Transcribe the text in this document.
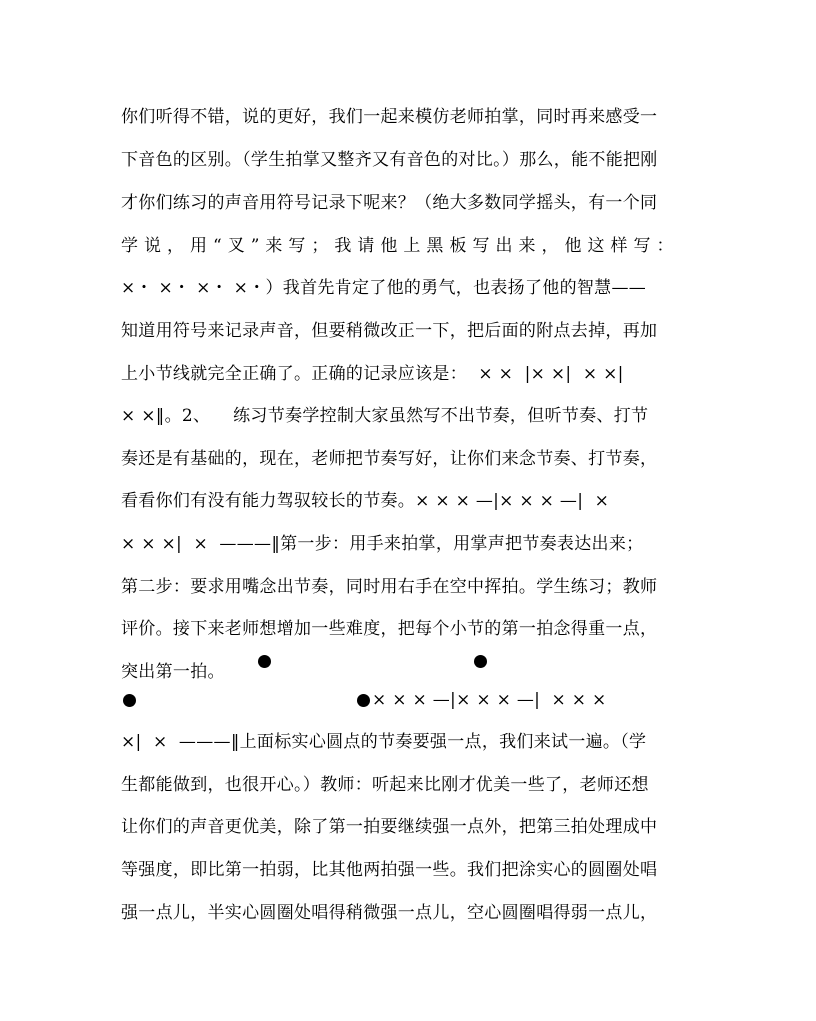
你们听得不错，说的更好，我们一起来模仿老师拍掌，同时再来感受一
下音色的区别。（学生拍掌又整齐又有音色的对比。）那么，能不能把刚
才你们练习的声音用符号记录下呢来？（绝大多数同学摇头，有一个同
学 说 ， 用 “ 叉 ” 来 写 ； 我 请 他 上 黑 板 写 出 来 ， 他 这 样 写 ：
×・ ×・ ×・ ×・）我首先肯定了他的勇气，也表扬了他的智慧——
知道用符号来记录声音，但要稍微改正一下，把后面的附点去掉，再加
上小节线就完全正确了。正确的记录应该是：  × ×  |× ×|  × ×|
× ×‖。2、    练习节奏学控制大家虽然写不出节奏，但听节奏、打节
奏还是有基础的，现在，老师把节奏写好，让你们来念节奏、打节奏，
看看你们有没有能力驾驭较长的节奏。× × × —|× × × —|  ×
× × ×|  ×  ———‖第一步：用手来拍掌，用掌声把节奏表达出来；
第二步：要求用嘴念出节奏，同时用右手在空中挥拍。学生练习；教师
评价。接下来老师想增加一些难度，把每个小节的第一拍念得重一点，
突出第一拍。
× × × —|× × × —|  × × ×
×|  ×  ———‖上面标实心圆点的节奏要强一点，我们来试一遍。（学
生都能做到，也很开心。）教师：听起来比刚才优美一些了，老师还想
让你们的声音更优美，除了第一拍要继续强一点外，把第三拍处理成中
等强度，即比第一拍弱，比其他两拍强一些。我们把涂实心的圆圈处唱
强一点儿，半实心圆圈处唱得稍微强一点儿，空心圆圈唱得弱一点儿，
